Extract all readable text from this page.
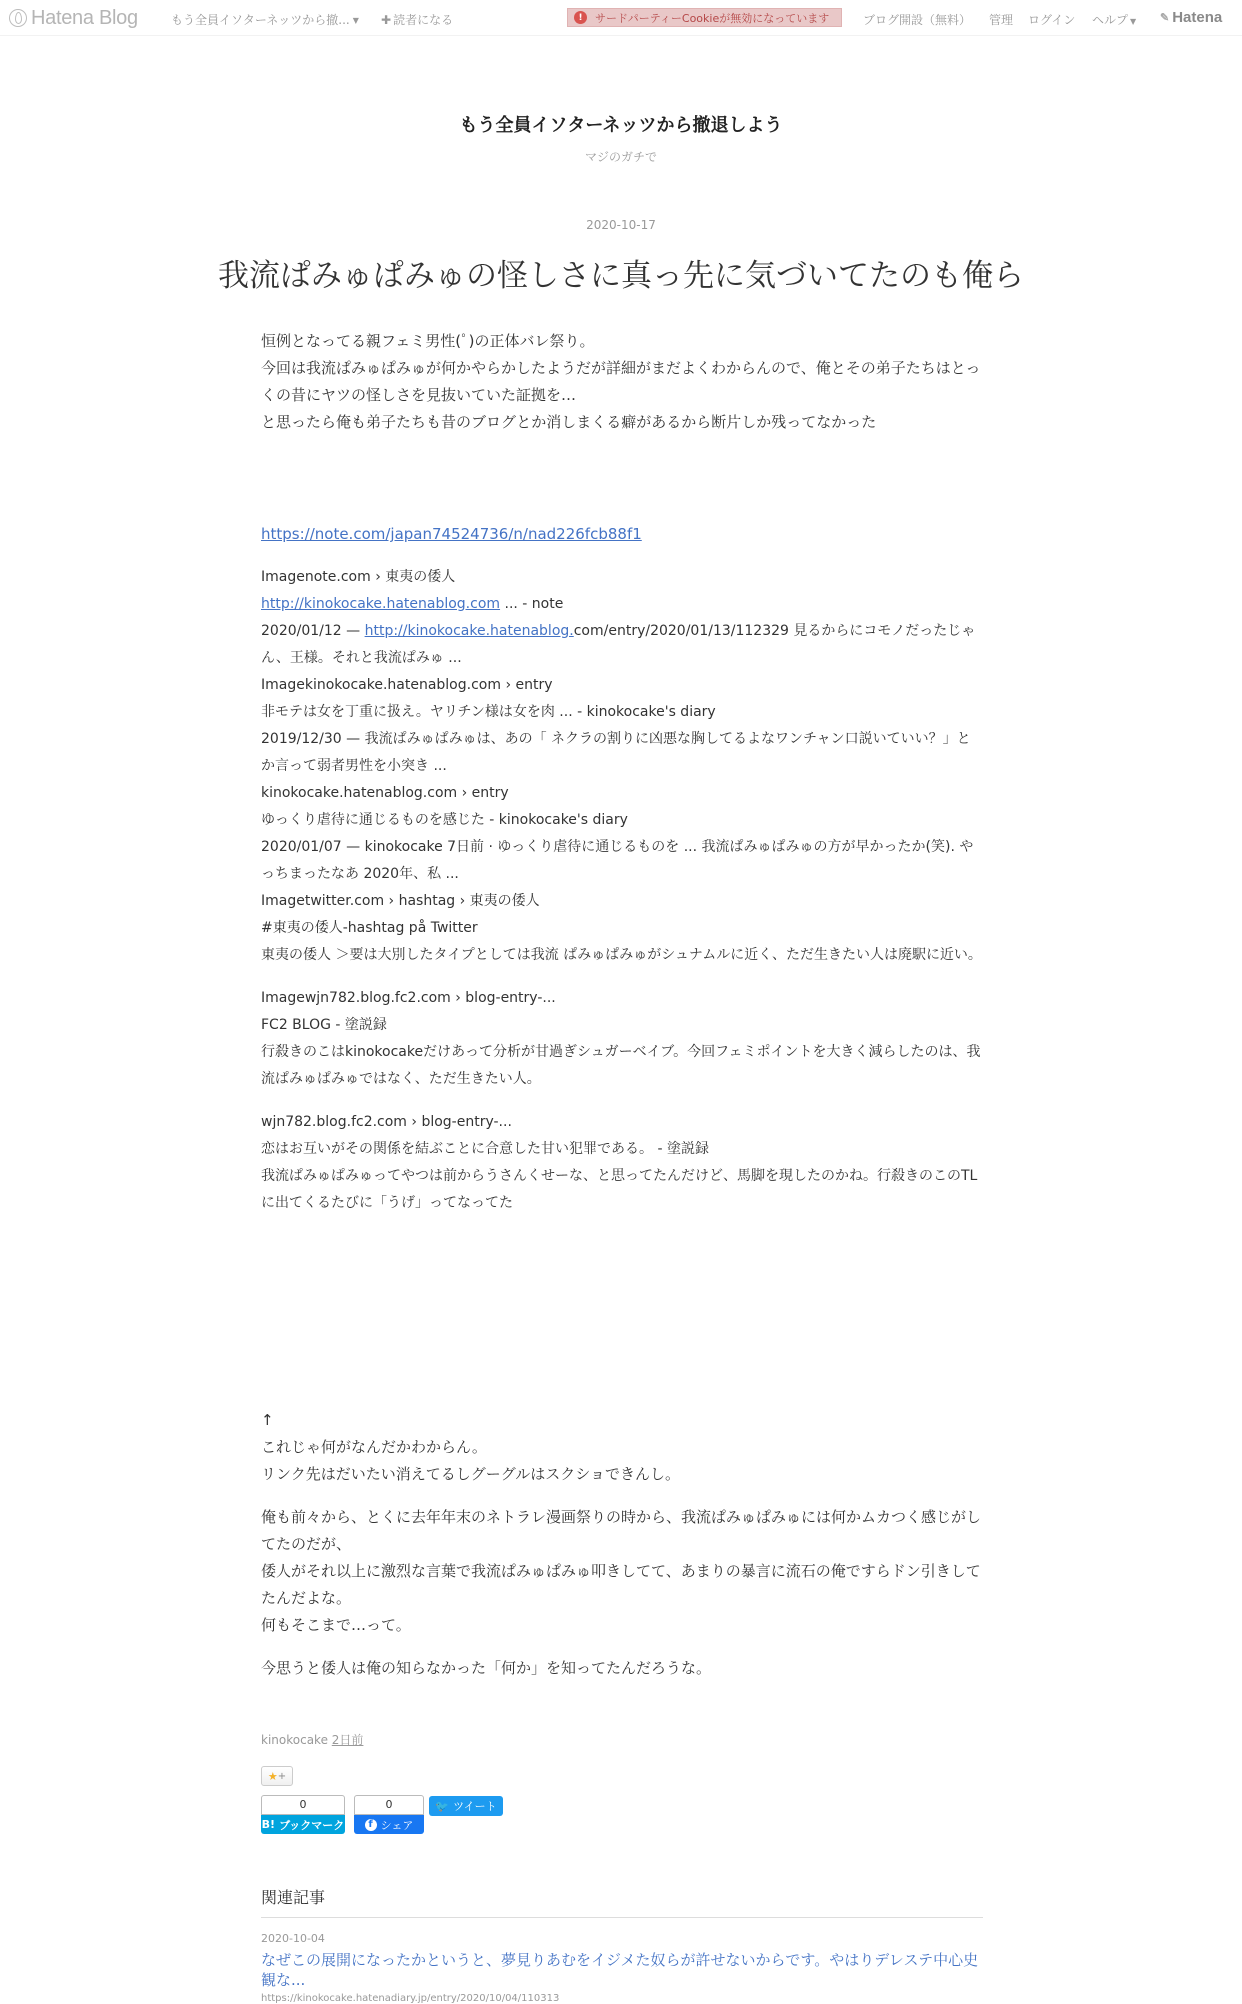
Hatena Blog	もう全員イソターネッツから撤... ▼ ✚ 読者になる	!	サードパーティーCookieが無効になっています	ブログ開設（無料） 管理 ログイン ヘルプ ▼ ✎ Hatena
もう全員イソターネッツから撤退しよう
マジのガチで
2020-10-17
我流ぱみゅぱみゅの怪しさに真っ先に気づいてたのも俺ら

恒例となってる親フェミ男性(ﾟ)の正体バレ祭り。

今回は我流ぱみゅぱみゅが何かやらかしたようだが詳細がまだよくわからんので、俺とその弟子たちはとっくの昔にヤツの怪しさを見抜いていた証拠を…

と思ったら俺も弟子たちも昔のブログとか消しまくる癖があるから断片しか残ってなかった

https://note.com/japan74524736/n/nad226fcb88f1

Imagenote.com › 東夷の倭人

http://kinokocake.hatenablog.com ... - note

2020/01/12 — http://kinokocake.hatenablog.com/entry/2020/01/13/112329 見るからにコモノだったじゃん、王様。それと我流ぱみゅ ...

Imagekinokocake.hatenablog.com › entry

非モテは女を丁重に扱え。ヤリチン様は女を肉 ... - kinokocake's diary

2019/12/30 — 我流ぱみゅぱみゅは、あの「 ネクラの割りに凶悪な胸してるよなワンチャン口説いていい？」とか言って弱者男性を小突き ...

kinokocake.hatenablog.com › entry

ゆっくり虐待に通じるものを感じた - kinokocake's diary

2020/01/07 — kinokocake 7日前 · ゆっくり虐待に通じるものを ... 我流ぱみゅぱみゅの方が早かったか(笑). やっちまったなあ 2020年、私 ...

Imagetwitter.com › hashtag › 東夷の倭人

#東夷の倭人-hashtag på Twitter

東夷の倭人 ＞要は大別したタイプとしては我流 ぱみゅぱみゅがシュナムルに近く、ただ生きたい人は廃駅に近い。

Imagewjn782.blog.fc2.com › blog-entry-...

FC2 BLOG - 塗説録

行殺きのこはkinokocakeだけあって分析が甘過ぎシュガーベイブ。今回フェミポイントを大きく減らしたのは、我流ぱみゅぱみゅではなく、ただ生きたい人。

wjn782.blog.fc2.com › blog-entry-...

恋はお互いがその関係を結ぶことに合意した甘い犯罪である。 - 塗説録

我流ぱみゅぱみゅってやつは前からうさんくせーな、と思ってたんだけど、馬脚を現したのかね。行殺きのこのTLに出てくるたびに「うげ」ってなってた

↑

これじゃ何がなんだかわからん。

リンク先はだいたい消えてるしグーグルはスクショできんし。

俺も前々から、とくに去年年末のネトラレ漫画祭りの時から、我流ぱみゅぱみゅには何かムカつく感じがしてたのだが、

倭人がそれ以上に激烈な言葉で我流ぱみゅぱみゅ叩きしてて、あまりの暴言に流石の俺ですらドン引きしてたんだよな。

何もそこまで…って。

今思うと倭人は俺の知らなかった「何か」を知ってたんだろうな。

kinokocake 2日前
★ +
0
B! ブックマーク
0
f シェア
🐦 ツイート
関連記事
2020-10-04
なぜこの展開になったかというと、夢見りあむをイジメた奴らが許せないからです。やはりデレステ中心史観な...
https://kinokocake.hatenadiary.jp/entry/2020/10/04/110313
